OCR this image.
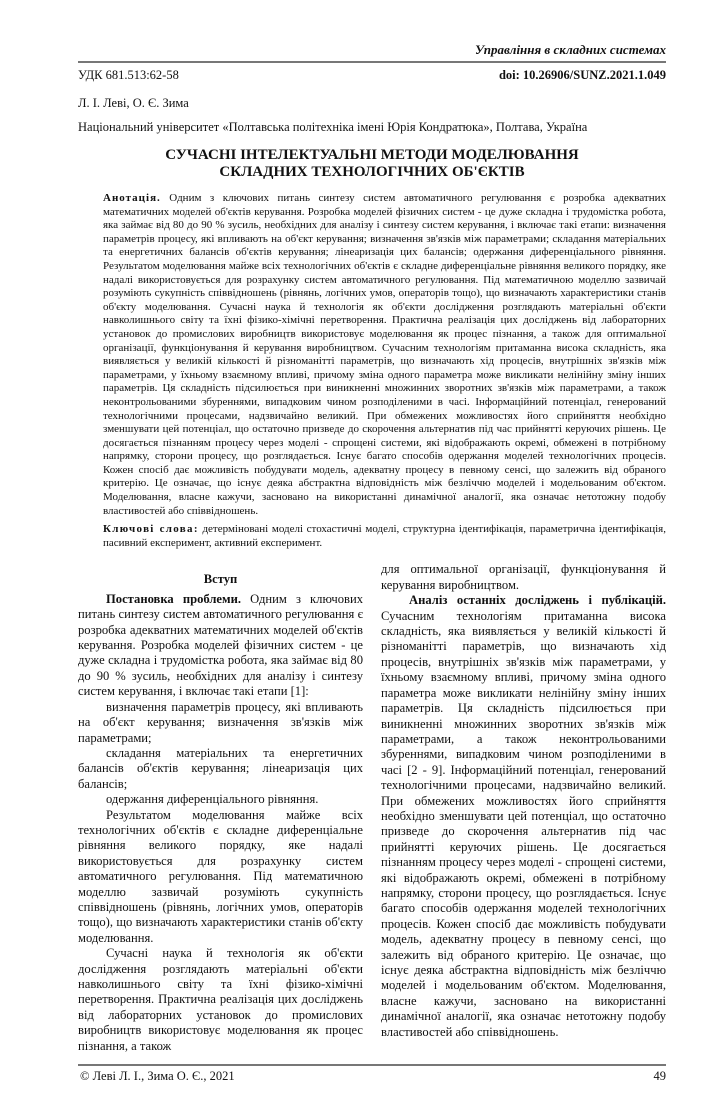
Управління в складних системах
УДК 681.513:62-58	doi: 10.26906/SUNZ.2021.1.049
Л. І. Леві, О. Є. Зима
Національний університет «Полтавська політехніка імені Юрія Кондратюка», Полтава, Україна
СУЧАСНІ ІНТЕЛЕКТУАЛЬНІ МЕТОДИ МОДЕЛЮВАННЯ
СКЛАДНИХ ТЕХНОЛОГІЧНИХ ОБ'ЄКТІВ
Анотація. Одним з ключових питань синтезу систем автоматичного регулювання є розробка адекватних математичних моделей об'єктів керування. Розробка моделей фізичних систем - це дуже складна і трудомістка робота, яка займає від 80 до 90 % зусиль, необхідних для аналізу і синтезу систем керування, і включає такі етапи: визначення параметрів процесу, які впливають на об'єкт керування; визначення зв'язків між параметрами; складання матеріальних та енергетичних балансів об'єктів керування; лінеаризація цих балансів; одержання диференціального рівняння. Результатом моделювання майже всіх технологічних об'єктів є складне диференціальне рівняння великого порядку, яке надалі використовується для розрахунку систем автоматичного регулювання. Під математичною моделлю зазвичай розуміють сукупність співвідношень (рівнянь, логічних умов, операторів тощо), що визначають характеристики станів об'єкту моделювання. Сучасні наука й технологія як об'єкти дослідження розглядають матеріальні об'єкти навколишнього світу та їхні фізико-хімічні перетворення. Практична реалізація цих досліджень від лабораторних установок до промислових виробництв використовує моделювання як процес пізнання, а також для оптимальної організації, функціонування й керування виробництвом. Сучасним технологіям притаманна висока складність, яка виявляється у великій кількості й різноманітті параметрів, що визначають хід процесів, внутрішніх зв'язків між параметрами, у їхньому взаємному впливі, причому зміна одного параметра може викликати нелінійну зміну інших параметрів. Ця складність підсилюється при виникненні множинних зворотних зв'язків між параметрами, а також неконтрольованими збуреннями, випадковим чином розподіленими в часі. Інформаційний потенціал, генерований технологічними процесами, надзвичайно великий. При обмежених можливостях його сприйняття необхідно зменшувати цей потенціал, що остаточно призведе до скорочення альтернатив під час прийнятті керуючих рішень. Це досягається пізнанням процесу через моделі - спрощені системи, які відображають окремі, обмежені в потрібному напрямку, сторони процесу, що розглядається. Існує багато способів одержання моделей технологічних процесів. Кожен спосіб дає можливість побудувати модель, адекватну процесу в певному сенсі, що залежить від обраного критерію. Це означає, що існує деяка абстрактна відповідність між безліччю моделей і модельованим об'єктом. Моделювання, власне кажучи, засновано на використанні динамічної аналогії, яка означає нетотожну подобу властивостей або співвідношень.
Ключові слова: детерміновані моделі стохастичні моделі, структурна ідентифікація, параметрична ідентифікація, пасивний експеримент, активний експеримент.

Вступ

Постановка проблеми. Одним з ключових питань синтезу систем автоматичного регулювання є розробка адекватних математичних моделей об'єктів керування. Розробка моделей фізичних систем - це дуже складна і трудомістка робота, яка займає від 80 до 90 % зусиль, необхідних для аналізу і синтезу систем керування, і включає такі етапи [1]:

визначення параметрів процесу, які впливають на об'єкт керування; визначення зв'язків між параметрами;

складання матеріальних та енергетичних балансів об'єктів керування; лінеаризація цих балансів;

одержання диференціального рівняння.

Результатом моделювання майже всіх технологічних об'єктів є складне диференціальне рівняння великого порядку, яке надалі використовується для розрахунку систем автоматичного регулювання. Під математичною моделлю зазвичай розуміють сукупність співвідношень (рівнянь, логічних умов, операторів тощо), що визначають характеристики станів об'єкту моделювання.

Сучасні наука й технологія як об'єкти дослідження розглядають матеріальні об'єкти навколишнього світу та їхні фізико-хімічні перетворення. Практична реалізація цих досліджень від лабораторних установок до промислових виробництв використовує моделювання як процес пізнання, а також

для оптимальної організації, функціонування й керування виробництвом.

Аналіз останніх досліджень і публікацій. Сучасним технологіям притаманна висока складність, яка виявляється у великій кількості й різноманітті параметрів, що визначають хід процесів, внутрішніх зв'язків між параметрами, у їхньому взаємному впливі, причому зміна одного параметра може викликати нелінійну зміну інших параметрів. Ця складність підсилюється при виникненні множинних зворотних зв'язків між параметрами, а також неконтрольованими збуреннями, випадковим чином розподіленими в часі [2 - 9]. Інформаційний потенціал, генерований технологічними процесами, надзвичайно великий. При обмежених можливостях його сприйняття необхідно зменшувати цей потенціал, що остаточно призведе до скорочення альтернатив під час прийнятті керуючих рішень. Це досягається пізнанням процесу через моделі - спрощені системи, які відображають окремі, обмежені в потрібному напрямку, сторони процесу, що розглядається. Існує багато способів одержання моделей технологічних процесів. Кожен спосіб дає можливість побудувати модель, адекватну процесу в певному сенсі, що залежить від обраного критерію. Це означає, що існує деяка абстрактна відповідність між безліччю моделей і модельованим об'єктом. Моделювання, власне кажучи, засновано на використанні динамічної аналогії, яка означає нетотожну подобу властивостей або співвідношень.

© Леві Л. І., Зима О. Є., 2021	49
